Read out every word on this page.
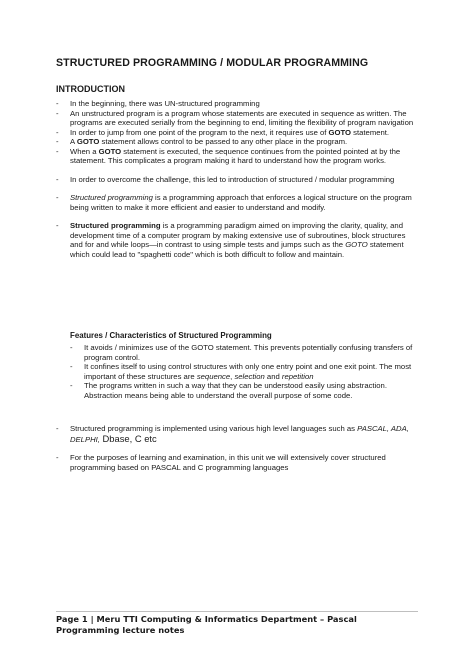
STRUCTURED PROGRAMMING / MODULAR PROGRAMMING
INTRODUCTION
- In the beginning, there was UN-structured programming
- An unstructured program is a program whose statements are executed in sequence as written. The programs are executed serially from the beginning to end, limiting the flexibility of program navigation
- In order to jump from one point of the program to the next, it requires use of GOTO statement.
- A GOTO statement allows control to be passed to any other place in the program.
- When a GOTO statement is executed, the sequence continues from the pointed pointed at by the statement. This complicates a program making it hard to understand how the program works.
- In order to overcome the challenge, this led to introduction of structured / modular programming
- Structured programming is a programming approach that enforces a logical structure on the program being written to make it more efficient and easier to understand and modify.
- Structured programming is a programming paradigm aimed on improving the clarity, quality, and development time of a computer program by making extensive use of subroutines, block structures and for and while loops—in contrast to using simple tests and jumps such as the GOTO statement which could lead to "spaghetti code" which is both difficult to follow and maintain.
Features / Characteristics of Structured Programming
- It avoids / minimizes use of the GOTO statement. This prevents potentially confusing transfers of program control.
- It confines itself to using control structures with only one entry point and one exit point. The most important of these structures are sequence, selection and repetition
- The programs written in such a way that they can be understood easily using abstraction. Abstraction means being able to understand the overall purpose of some code.
- Structured programming is implemented using various high level languages such as PASCAL, ADA, DELPHI, Dbase, C etc
- For the purposes of learning and examination, in this unit we will extensively cover structured programming based on PASCAL and C programming languages
Page 1 | Meru TTI Computing & Informatics Department – Pascal Programming lecture notes
